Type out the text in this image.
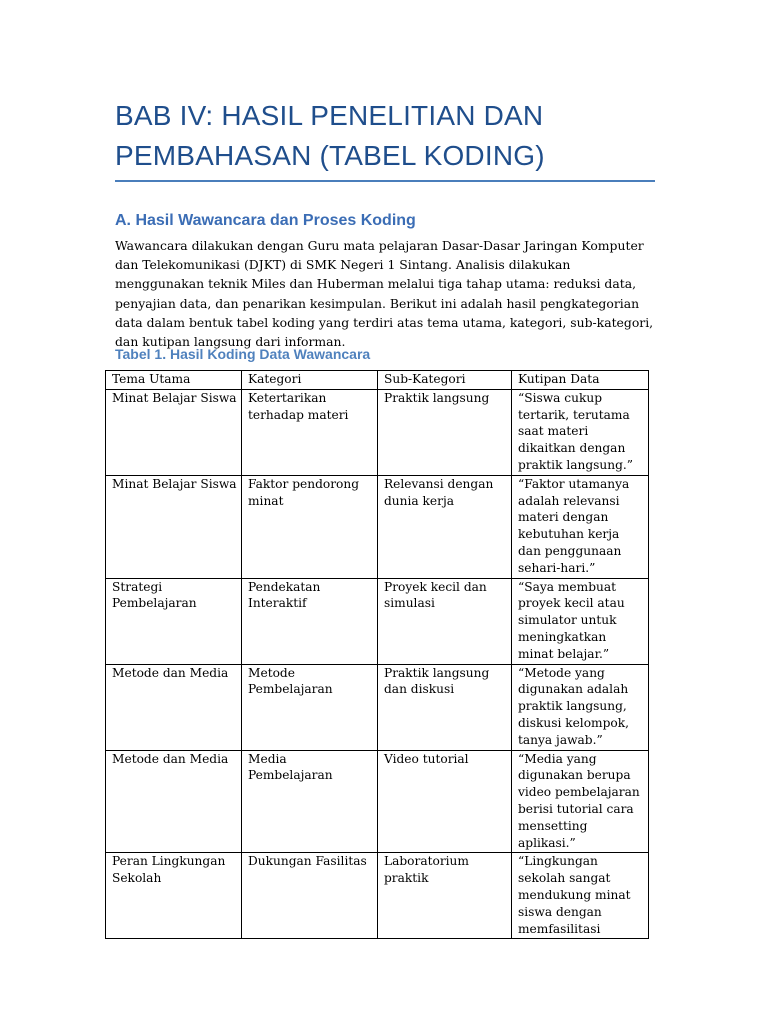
BAB IV: HASIL PENELITIAN DAN PEMBAHASAN (TABEL KODING)
A. Hasil Wawancara dan Proses Koding

Wawancara dilakukan dengan Guru mata pelajaran Dasar-Dasar Jaringan Komputer dan Telekomunikasi (DJKT) di SMK Negeri 1 Sintang. Analisis dilakukan menggunakan teknik Miles dan Huberman melalui tiga tahap utama: reduksi data, penyajian data, dan penarikan kesimpulan. Berikut ini adalah hasil pengkategorian data dalam bentuk tabel koding yang terdiri atas tema utama, kategori, sub-kategori, dan kutipan langsung dari informan.

Tabel 1. Hasil Koding Data Wawancara
Tema Utama	Kategori	Sub-Kategori	Kutipan Data
Minat Belajar Siswa	Ketertarikan terhadap materi	Praktik langsung	“Siswa cukup tertarik, terutama saat materi dikaitkan dengan praktik langsung.”
Minat Belajar Siswa	Faktor pendorong minat	Relevansi dengan dunia kerja	“Faktor utamanya adalah relevansi materi dengan kebutuhan kerja dan penggunaan sehari-hari.”
Strategi Pembelajaran	Pendekatan Interaktif	Proyek kecil dan simulasi	“Saya membuat proyek kecil atau simulator untuk meningkatkan minat belajar.”
Metode dan Media	Metode Pembelajaran	Praktik langsung dan diskusi	“Metode yang digunakan adalah praktik langsung, diskusi kelompok, tanya jawab.”
Metode dan Media	Media Pembelajaran	Video tutorial	“Media yang digunakan berupa video pembelajaran berisi tutorial cara mensetting aplikasi.”
Peran Lingkungan Sekolah	Dukungan Fasilitas	Laboratorium praktik	“Lingkungan sekolah sangat mendukung minat siswa dengan memfasilitasi
